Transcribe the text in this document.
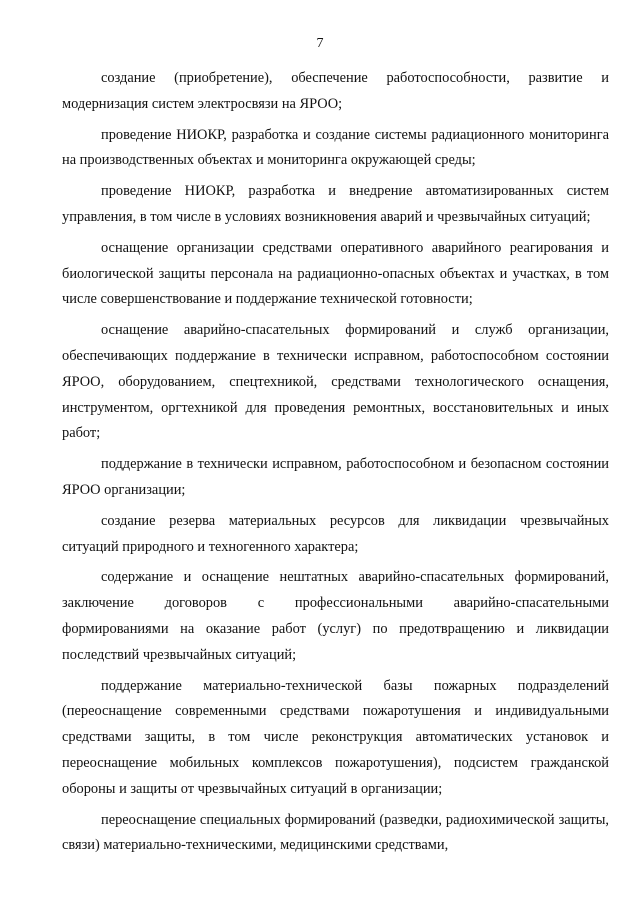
7

создание (приобретение), обеспечение работоспособности, развитие и модернизация систем электросвязи на ЯРОО;

проведение НИОКР, разработка и создание системы радиационного мониторинга на производственных объектах и мониторинга окружающей среды;

проведение НИОКР, разработка и внедрение автоматизированных систем управления, в том числе в условиях возникновения аварий и чрезвычайных ситуаций;

оснащение организации средствами оперативного аварийного реагирования и биологической защиты персонала на радиационно-опасных объектах и участках, в том числе совершенствование и поддержание технической готовности;

оснащение аварийно-спасательных формирований и служб организации, обеспечивающих поддержание в технически исправном, работоспособном состоянии ЯРОО, оборудованием, спецтехникой, средствами технологического оснащения, инструментом, оргтехникой для проведения ремонтных, восстановительных и иных работ;

поддержание в технически исправном, работоспособном и безопасном состоянии ЯРОО организации;

создание резерва материальных ресурсов для ликвидации чрезвычайных ситуаций природного и техногенного характера;

содержание и оснащение нештатных аварийно-спасательных формирований, заключение договоров с профессиональными аварийно-спасательными формированиями на оказание работ (услуг) по предотвращению и ликвидации последствий чрезвычайных ситуаций;

поддержание материально-технической базы пожарных подразделений (переоснащение современными средствами пожаротушения и индивидуальными средствами защиты, в том числе реконструкция автоматических установок и переоснащение мобильных комплексов пожаротушения), подсистем гражданской обороны и защиты от чрезвычайных ситуаций в организации;

переоснащение специальных формирований (разведки, радиохимической защиты, связи) материально-техническими, медицинскими средствами,
